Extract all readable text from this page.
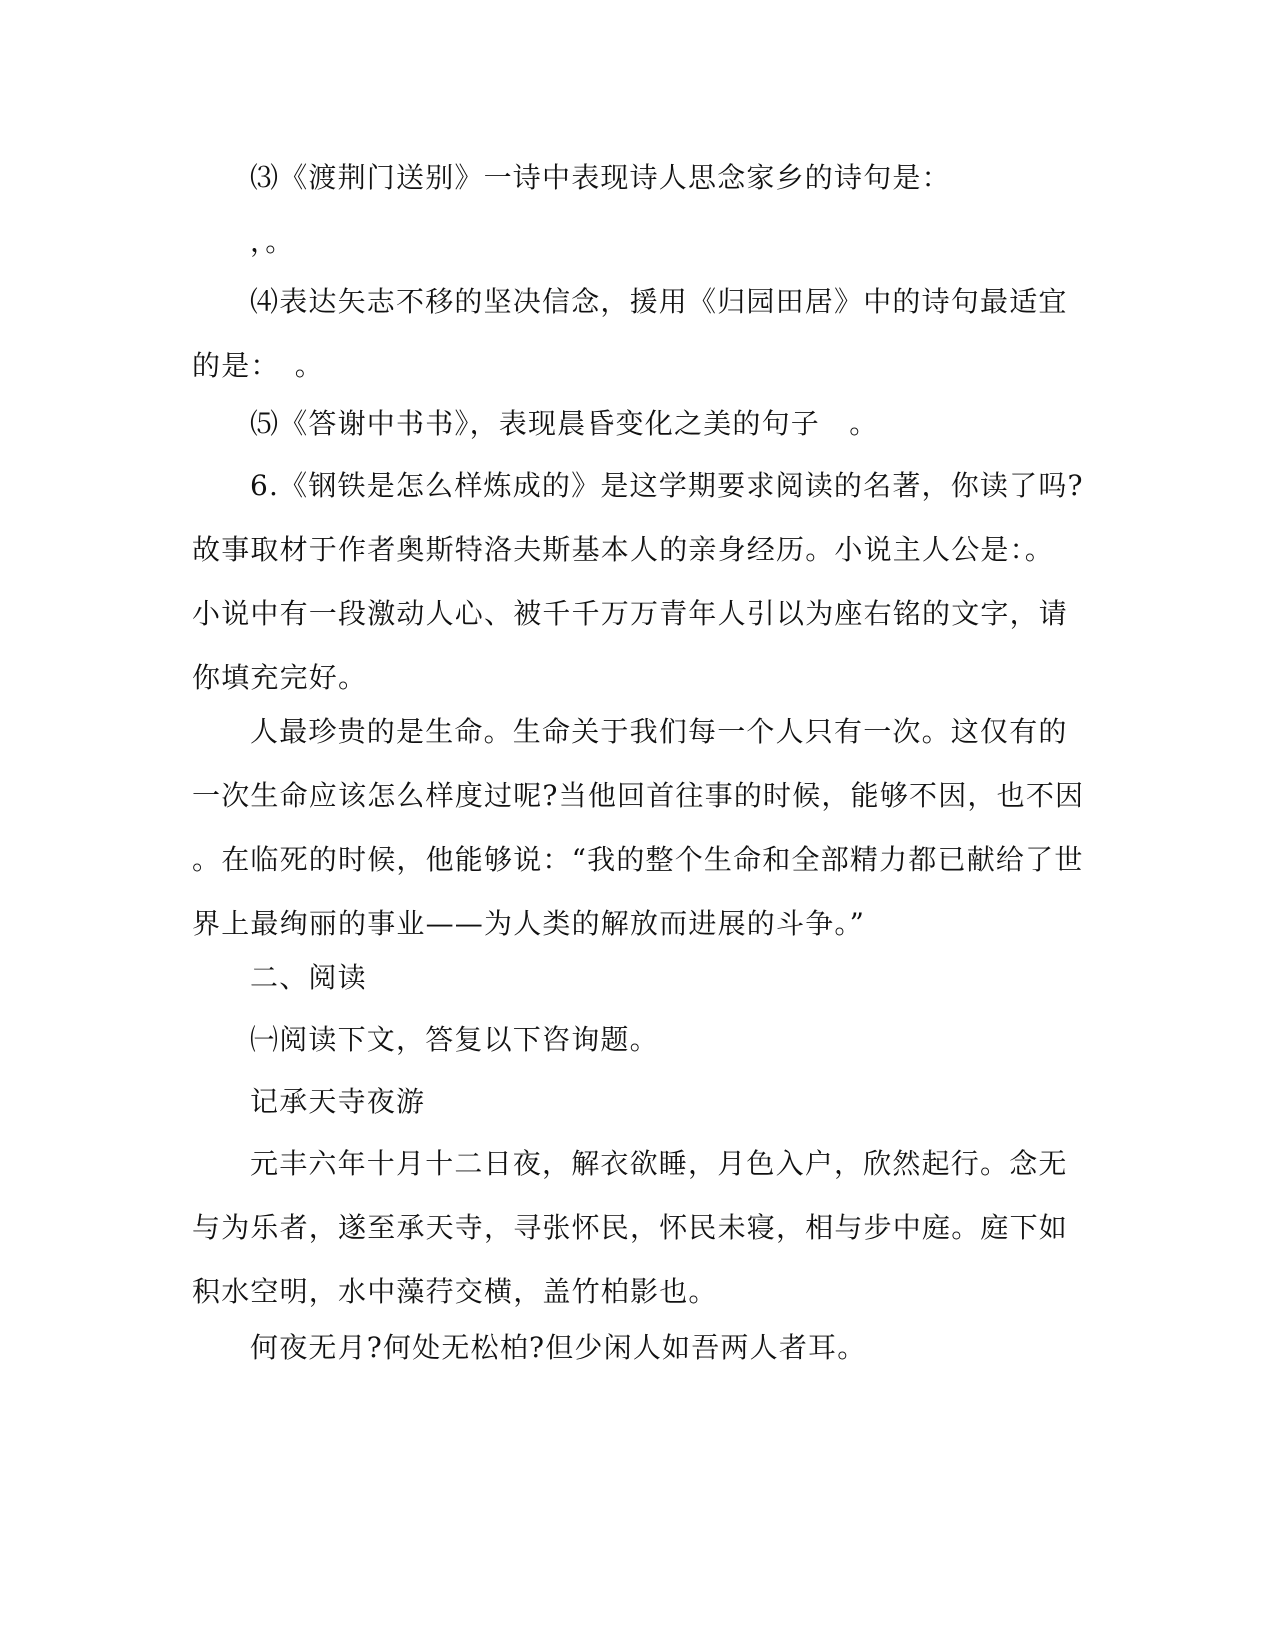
⑶《渡荆门送别》一诗中表现诗人思念家乡的诗句是：

，。

⑷表达矢志不移的坚决信念，援用《归园田居》中的诗句最适宜
的是：　。

⑸《答谢中书书》，表现晨昏变化之美的句子　。

6.《钢铁是怎么样炼成的》是这学期要求阅读的名著，你读了吗?
故事取材于作者奥斯特洛夫斯基本人的亲身经历。小说主人公是：。
小说中有一段激动人心、被千千万万青年人引以为座右铭的文字，请
你填充完好。

人最珍贵的是生命。生命关于我们每一个人只有一次。这仅有的
一次生命应该怎么样度过呢?当他回首往事的时候，能够不因，也不因
。在临死的时候，他能够说：“我的整个生命和全部精力都已献给了世
界上最绚丽的事业——为人类的解放而进展的斗争。”

二、阅读

㈠阅读下文，答复以下咨询题。

记承天寺夜游

元丰六年十月十二日夜，解衣欲睡，月色入户，欣然起行。念无
与为乐者，遂至承天寺，寻张怀民，怀民未寝，相与步中庭。庭下如
积水空明，水中藻荇交横，盖竹柏影也。

何夜无月?何处无松柏?但少闲人如吾两人者耳。
